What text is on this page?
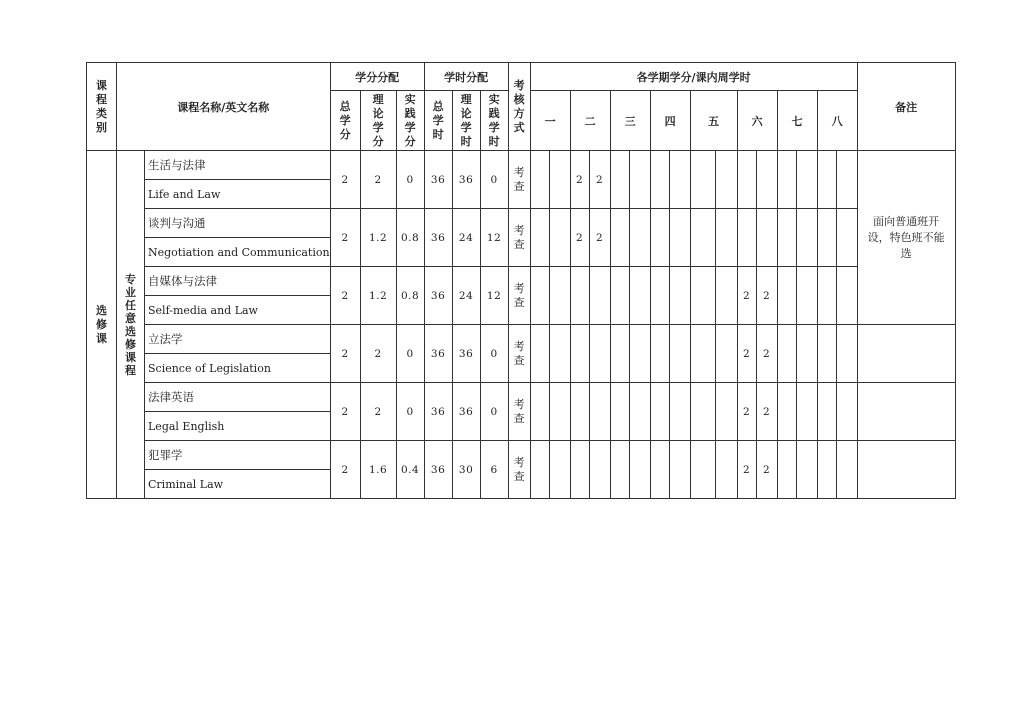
课程类别	课程名称/英文名称		学分分配			学时分配			考核方式	各学期学分/课内周学时																备注
			总学分	理论学分	实践学分	总学时	理论学时	实践学时		一		二		三		四		五		六		七		八		
选修课	专业任意选修课程	生活与法律	2	2	0	36	36	0	考查			2	2													面向普通班开设，特色班不能选
		Life and Law																								
		谈判与沟通	2	1.2	0.8	36	24	12	考查			2	2													
		Negotiation and Communication																								
		自媒体与法律	2	1.2	0.8	36	24	12	考查											2	2					
		Self-media and Law																								
		立法学	2	2	0	36	36	0	考查											2	2					
		Science of Legislation																								
		法律英语	2	2	0	36	36	0	考查											2	2					
		Legal English																								
		犯罪学	2	1.6	0.4	36	30	6	考查											2	2					
		Criminal Law																								
